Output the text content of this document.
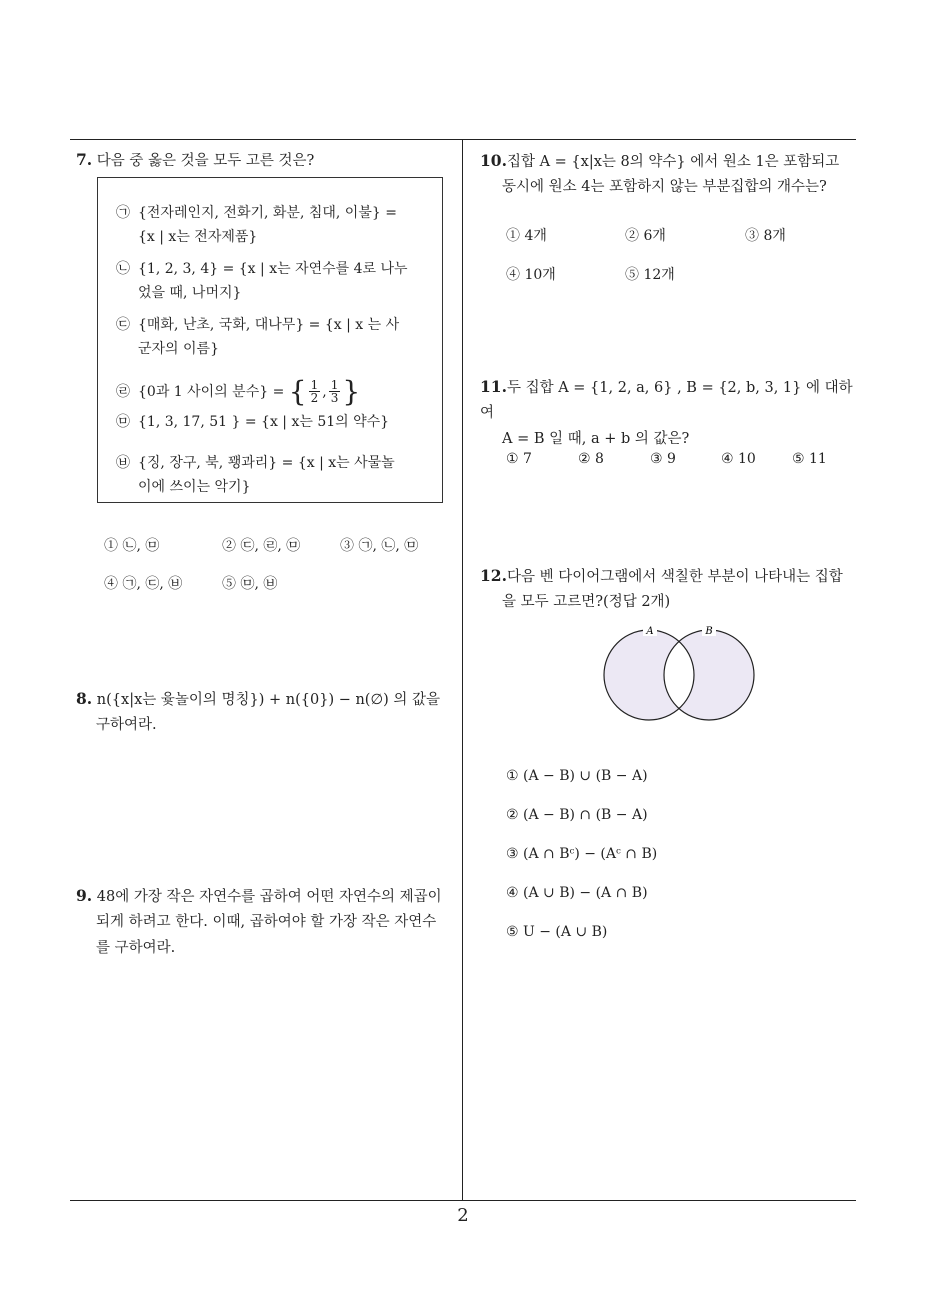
7. 다음 중 옳은 것을 모두 고른 것은?
㉠ {전자레인지, 전화기, 화분, 침대, 이불} =
{x | x는 전자제품}
㉡ {1, 2, 3, 4} = {x | x는 자연수를 4로 나누
었을 때, 나머지}
㉢ {매화, 난초, 국화, 대나무} = {x | x 는 사
군자의 이름}
㉣ {0과 1 사이의 분수} = { $\frac{1}{2}$ , $\frac{1}{3}$ }
㉤ {1, 3, 17, 51 } = {x | x는 51의 약수}
㉥ {징, 장구, 북, 꽹과리} = {x | x는 사물놀
이에 쓰이는 악기}
① ㉡, ㉤	② ㉢, ㉣, ㉤	③ ㉠, ㉡, ㉤
④ ㉠, ㉢, ㉥	⑤ ㉤, ㉥
8. n({x|x는 윷놀이의 명칭}) + n({0}) − n(∅) 의 값을
구하여라.
9. 48에 가장 작은 자연수를 곱하여 어떤 자연수의 제곱이
되게 하려고 한다. 이때, 곱하여야 할 가장 작은 자연수
를 구하여라.
10.집합 A = {x|x는 8의 약수} 에서 원소 1은 포함되고
동시에 원소 4는 포함하지 않는 부분집합의 개수는?
① 4개	② 6개	③ 8개
④ 10개	⑤ 12개
11.두 집합 A = {1, 2, a, 6} , B = {2, b, 3, 1} 에 대하여
A = B 일 때, a + b 의 값은?
① 7	② 8	③ 9	④ 10	⑤ 11
12.다음 벤 다이어그램에서 색칠한 부분이 나타내는 집합
을 모두 고르면?(정답 2개)
A	B
① (A − B) ∪ (B − A)
② (A − B) ∩ (B − A)
③ (A ∩ Bᶜ) − (Aᶜ ∩ B)
④ (A ∪ B) − (A ∩ B)
⑤ U − (A ∪ B)
2
